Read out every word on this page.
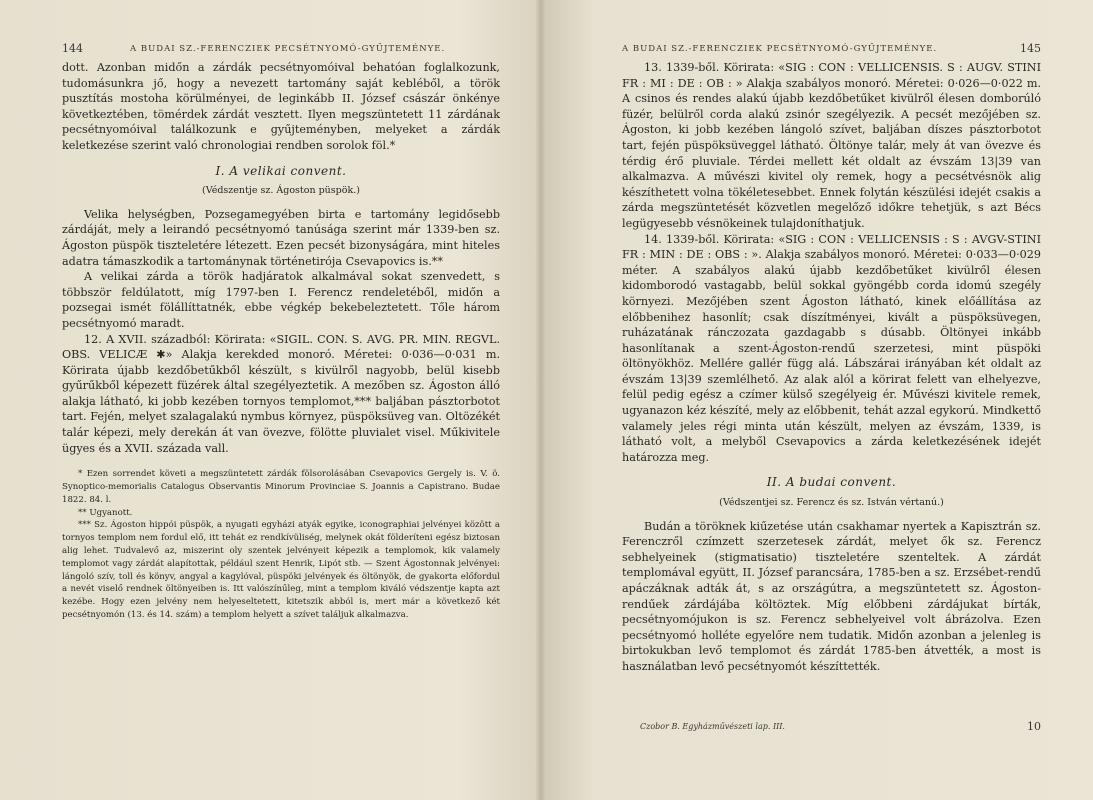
144	A BUDAI SZ.-FERENCZIEK PECSÉTNYOMÓ-GYŰJTEMÉNYE.

dott. Azonban midőn a zárdák pecsétnyomóival behatóan foglalkozunk, tudomásunkra jő, hogy a nevezett tartomány saját kebléből, a török pusztítás mostoha körülményei, de leginkább II. József császár önkénye következtében, tömérdek zárdát vesztett. Ilyen megszüntetett 11 zárdának pecsétnyomóival találkozunk e gyűjteményben, melyeket a zárdák keletkezése szerint való chronologiai rendben sorolok föl.*

I. A velikai convent.
(Védszentje sz. Ágoston püspök.)

Velika helységben, Pozsegamegyében birta e tartomány legidősebb zárdáját, mely a leirandó pecsétnyomó tanúsága szerint már 1339-ben sz. Ágoston püspök tiszteletére létezett. Ezen pecsét bizonyságára, mint hiteles adatra támaszkodik a tartománynak történetirója Csevapovics is.**

A velikai zárda a török hadjáratok alkalmával sokat szenvedett, s többször feldúlatott, míg 1797-ben I. Ferencz rendeletéből, midőn a pozsegai ismét fölállíttatnék, ebbe végkép bekebeleztetett. Tőle három pecsétnyomó maradt.

12. A XVII. századból: Körirata: «SIGIL. CON. S. AVG. PR. MIN. REGVL. OBS. VELICÆ ✱» Alakja kerekded monoró. Méretei: 0·036—0·031 m. Körirata újabb kezdőbetűkből készült, s kivülről nagyobb, belül kisebb gyűrűkből képezett füzérek által szegélyeztetik. A mezőben sz. Ágoston álló alakja látható, ki jobb kezében tornyos templomot,*** baljában pásztorbotot tart. Fején, melyet szalagalakú nymbus környez, püspöksüveg van. Oltözékét talár képezi, mely derekán át van övezve, fölötte pluvialet visel. Műkivitele ügyes és a XVII. százada vall.

* Ezen sorrendet követi a megszüntetett zárdák fölsorolásában Csevapovics Gergely is. V. ö. Synoptico-memorialis Catalogus Observantis Minorum Provinciae S. Joannis a Capistrano. Budae 1822. 84. l.

** Ugyanott.

*** Sz. Ágoston hippói püspök, a nyugati egyházi atyák egyike, iconographiai jelvényei között a tornyos templom nem fordul elő, itt tehát ez rendkívüliség, melynek okát földeríteni egész biztosan alig lehet. Tudvalevő az, miszerint oly szentek jelvényeit képezik a templomok, kik valamely templomot vagy zárdát alapítottak, például szent Henrik, Lipót stb. — Szent Ágostonnak jelvényei: lángoló szív, toll és könyv, angyal a kagylóval, püspöki jelvények és öltönyök, de gyakorta előfordul a nevét viselő rendnek öltönyeiben is. Itt valószínűleg, mint a templom kiváló védszentje kapta azt kezébe. Hogy ezen jelvény nem helyeseltetett, kitetszik abból is, mert már a következő két pecsétnyomón (13. és 14. szám) a templom helyett a szívet találjuk alkalmazva.

A BUDAI SZ.-FERENCZIEK PECSÉTNYOMÓ-GYŰJTEMÉNYE.	145

13. 1339-ből. Körirata: «SIG : CON : VELLICENSIS. S : AUGV. STINI FR : MI : DE : OB : » Alakja szabályos monoró. Méretei: 0·026—0·022 m. A csinos és rendes alakú újabb kezdőbetűket kivülről élesen domborúló füzér, belülről corda alakú zsinór szegélyezik. A pecsét mezőjében sz. Ágoston, ki jobb kezében lángoló szívet, baljában díszes pásztorbotot tart, fején püspöksüveggel látható. Öltönye talár, mely át van övezve és térdig érő pluviale. Térdei mellett két oldalt az évszám 13|39 van alkalmazva. A művészi kivitel oly remek, hogy a pecsétvésnök alig készíthetett volna tökéletesebbet. Ennek folytán készülési idejét csakis a zárda megszüntetését közvetlen megelőző időkre tehetjük, s azt Bécs legügyesebb vésnökeinek tulajdoníthatjuk.

14. 1339-ből. Körirata: «SIG : CON : VELLICENSIS : S : AVGV-STINI FR : MIN : DE : OBS : ». Alakja szabályos monoró. Méretei: 0·033—0·029 méter. A szabályos alakú újabb kezdőbetűket kivülről élesen kidomborodó vastagabb, belül sokkal gyöngébb corda idomú szegély környezi. Mezőjében szent Ágoston látható, kinek előállítása az előbbenihez hasonlít; csak díszítményei, kivált a püspöksüvegen, ruházatának ránczozata gazdagabb s dúsabb. Öltönyei inkább hasonlítanak a szent-Ágoston-rendű szerzetesi, mint püspöki öltönyökhöz. Mellére gallér függ alá. Lábszárai irányában két oldalt az évszám 13|39 szemlélhető. Az alak alól a körirat felett van elhelyezve, felül pedig egész a czímer külső szegélyeig ér. Művészi kivitele remek, ugyanazon kéz készíté, mely az előbbenit, tehát azzal egykorú. Mindkettő valamely jeles régi minta után készült, melyen az évszám, 1339, is látható volt, a melyből Csevapovics a zárda keletkezésének idejét határozza meg.

II. A budai convent.
(Védszentjei sz. Ferencz és sz. István vértanú.)

Budán a töröknek kiűzetése után csakhamar nyertek a Kapisztrán sz. Ferenczről czímzett szerzetesek zárdát, melyet ők sz. Ferencz sebhelyeinek (stigmatisatio) tiszteletére szenteltek. A zárdát templomával együtt, II. József parancsára, 1785-ben a sz. Erzsébet-rendű apáczáknak adták át, s az országútra, a megszüntetett sz. Ágoston-rendűek zárdájába költöztek. Míg előbbeni zárdájukat bírták, pecsétnyomójukon is sz. Ferencz sebhelyeivel volt ábrázolva. Ezen pecsétnyomó holléte egyelőre nem tudatik. Midőn azonban a jelenleg is birtokukban levő templomot és zárdát 1785-ben átvették, a most is használatban levő pecsétnyomót készíttették.

Czobor B. Egyházművészeti lap. III.	10
